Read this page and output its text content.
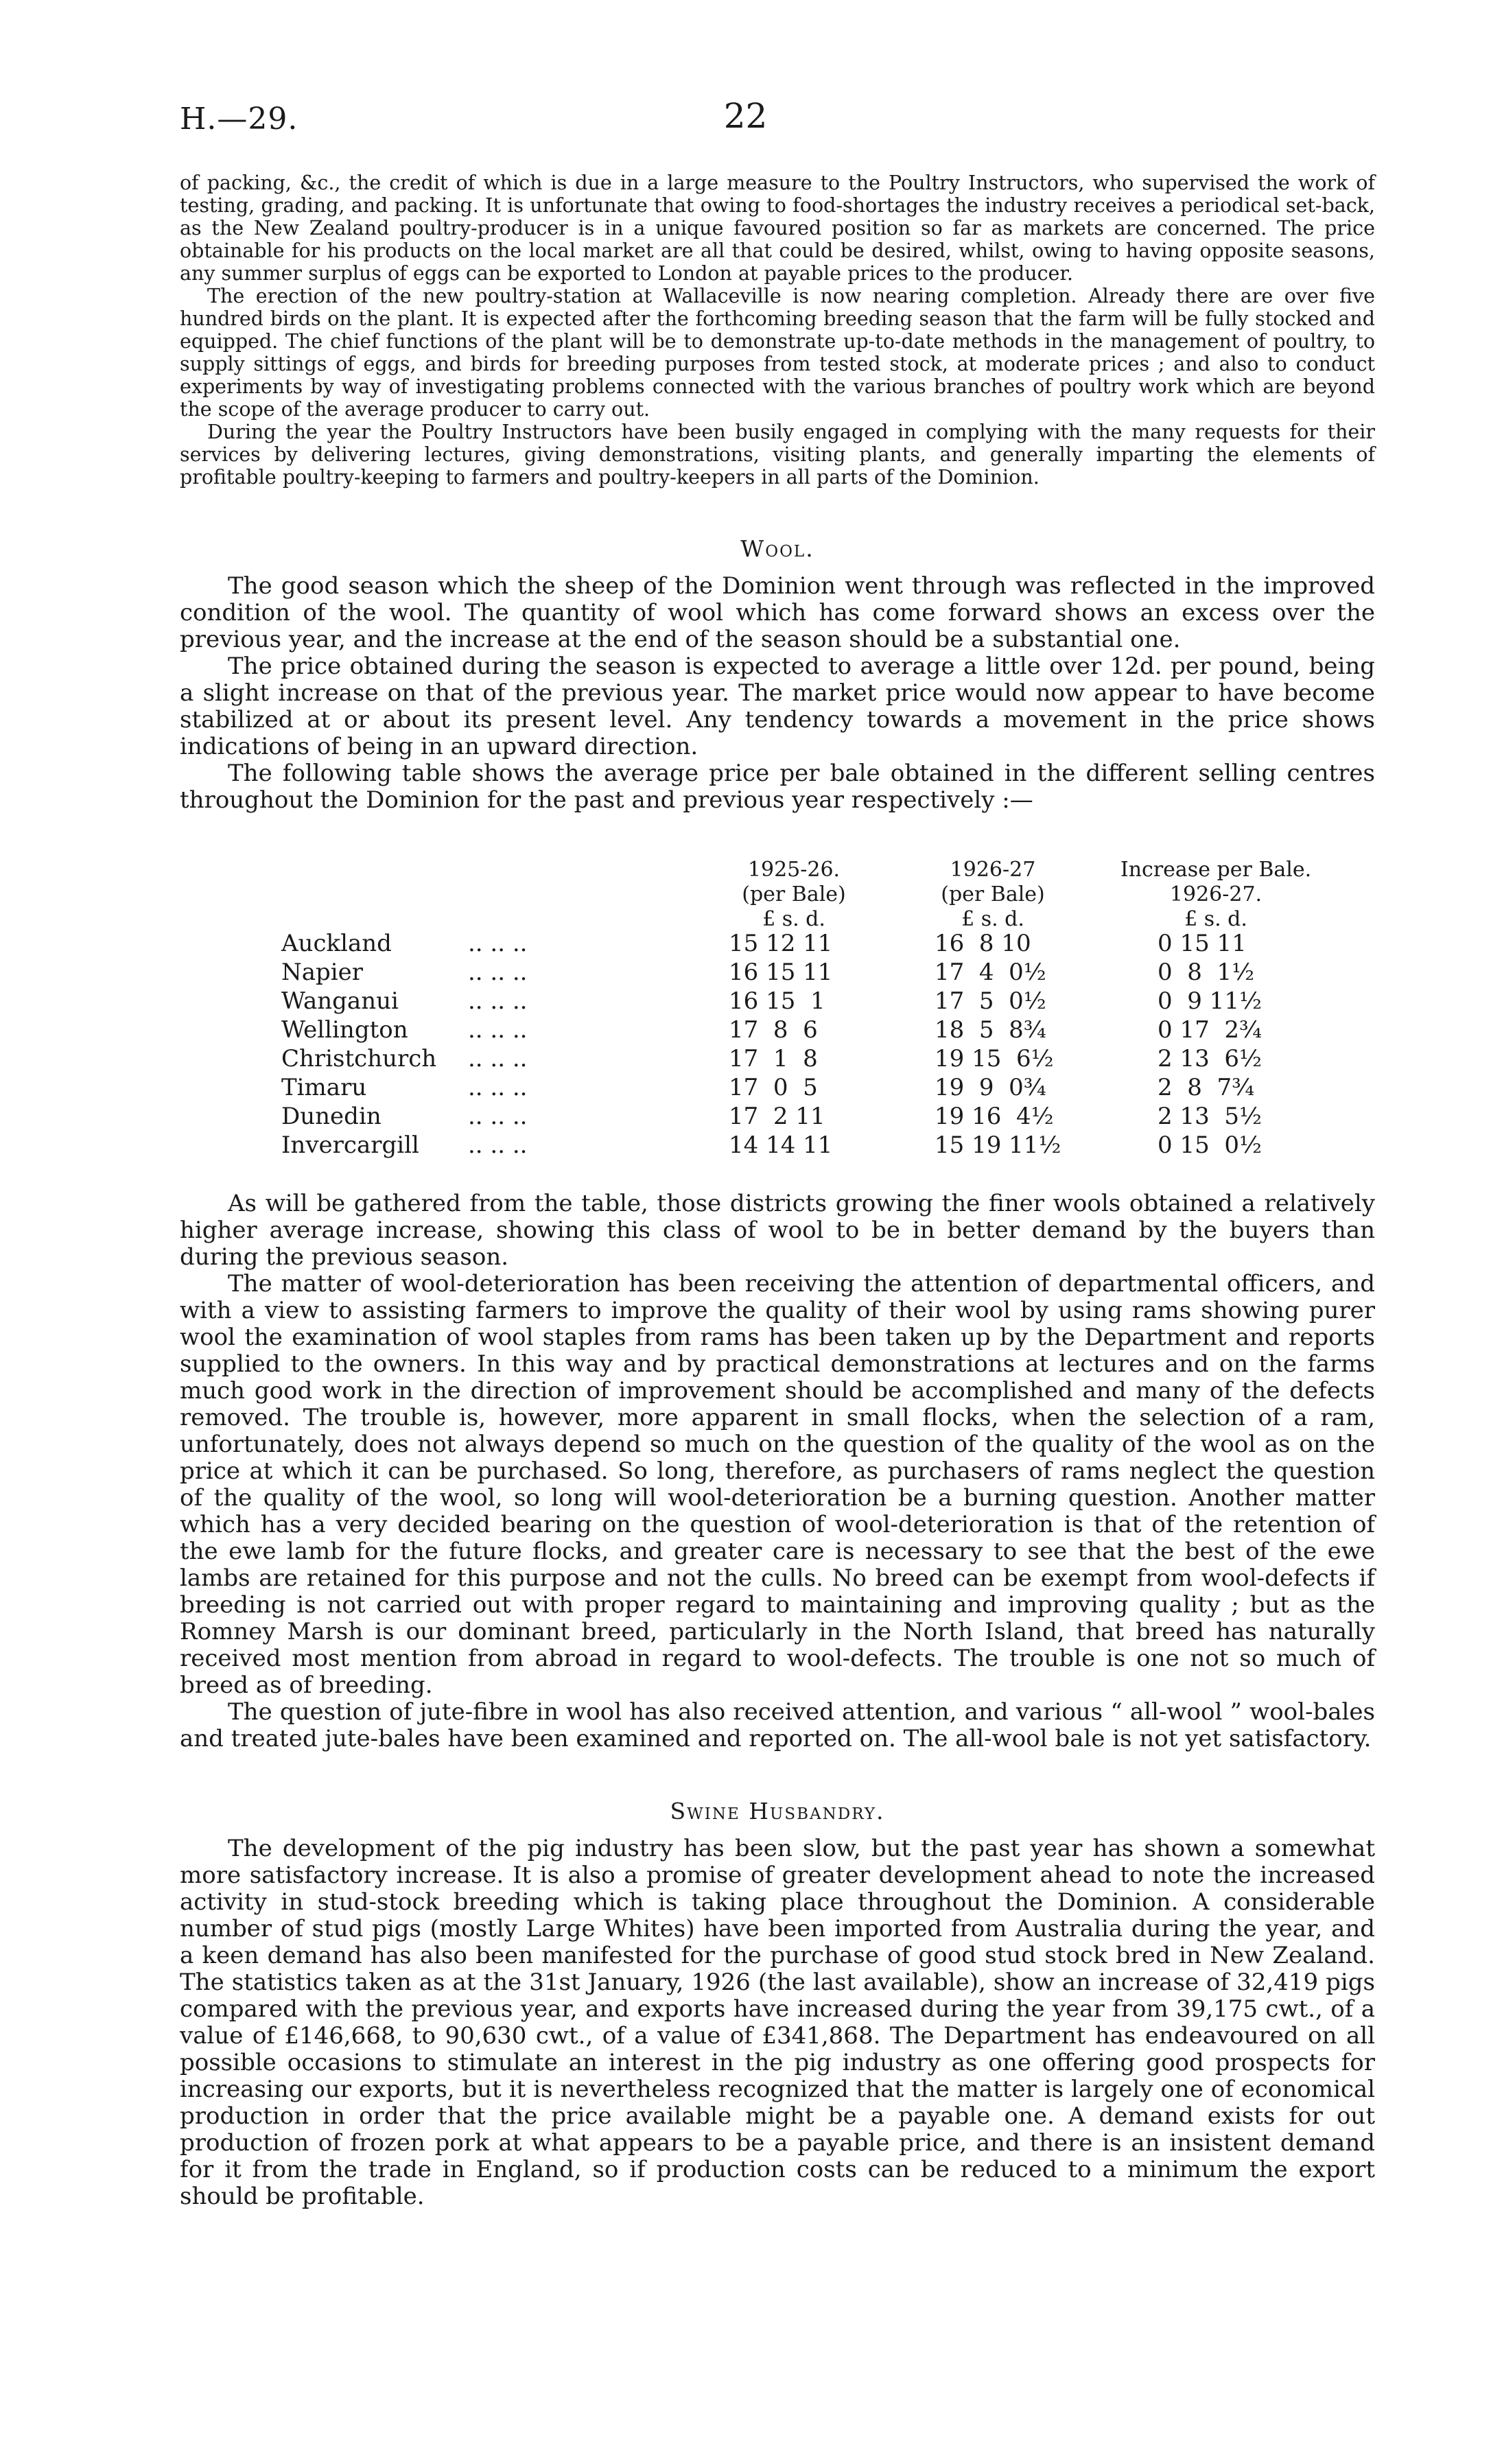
H.—29.	22

of packing, &c., the credit of which is due in a large measure to the Poultry Instructors, who supervised the work of testing, grading, and packing. It is unfortunate that owing to food-shortages the industry receives a periodical set-back, as the New Zealand poultry-producer is in a unique favoured position so far as markets are concerned. The price obtainable for his products on the local market are all that could be desired, whilst, owing to having opposite seasons, any summer surplus of eggs can be exported to London at payable prices to the producer.

The erection of the new poultry-station at Wallaceville is now nearing completion. Already there are over five hundred birds on the plant. It is expected after the forthcoming breeding season that the farm will be fully stocked and equipped. The chief functions of the plant will be to demonstrate up-to-date methods in the management of poultry, to supply sittings of eggs, and birds for breeding purposes from tested stock, at moderate prices ; and also to conduct experiments by way of investigating problems connected with the various branches of poultry work which are beyond the scope of the average producer to carry out.

During the year the Poultry Instructors have been busily engaged in complying with the many requests for their services by delivering lectures, giving demonstrations, visiting plants, and generally imparting the elements of profitable poultry-keeping to farmers and poultry-keepers in all parts of the Dominion.

Wool.

The good season which the sheep of the Dominion went through was reflected in the improved condition of the wool. The quantity of wool which has come forward shows an excess over the previous year, and the increase at the end of the season should be a substantial one.

The price obtained during the season is expected to average a little over 12d. per pound, being a slight increase on that of the previous year. The market price would now appear to have become stabilized at or about its present level. Any tendency towards a movement in the price shows indications of being in an upward direction.

The following table shows the average price per bale obtained in the different selling centres throughout the Dominion for the past and previous year respectively :—

1925-26.
(per Bale)
£ s. d.
1926-27
(per Bale)
£ s. d.
Increase per Bale.
1926-27.
£ s. d.
Auckland	.. .. ..	15 12 11	16  8 10	0 15 11
Napier	.. .. ..	16 15 11	17  4  0½	0  8  1½
Wanganui	.. .. ..	16 15  1	17  5  0½	0  9 11½
Wellington	.. .. ..	17  8  6	18  5  8¾	0 17  2¾
Christchurch .. .. ..	17  1  8	19 15  6½	2 13  6½
Timaru	.. .. ..	17  0  5	19  9  0¾	2  8  7¾
Dunedin	.. .. ..	17  2 11	19 16  4½	2 13  5½
Invercargill .. .. ..	14 14 11	15 19 11½	0 15  0½

As will be gathered from the table, those districts growing the finer wools obtained a relatively higher average increase, showing this class of wool to be in better demand by the buyers than during the previous season.

The matter of wool-deterioration has been receiving the attention of departmental officers, and with a view to assisting farmers to improve the quality of their wool by using rams showing purer wool the examination of wool staples from rams has been taken up by the Department and reports supplied to the owners. In this way and by practical demonstrations at lectures and on the farms much good work in the direction of improvement should be accomplished and many of the defects removed. The trouble is, however, more apparent in small flocks, when the selection of a ram, unfortunately, does not always depend so much on the question of the quality of the wool as on the price at which it can be purchased. So long, therefore, as purchasers of rams neglect the question of the quality of the wool, so long will wool-deterioration be a burning question. Another matter which has a very decided bearing on the question of wool-deterioration is that of the retention of the ewe lamb for the future flocks, and greater care is necessary to see that the best of the ewe lambs are retained for this purpose and not the culls. No breed can be exempt from wool-defects if breeding is not carried out with proper regard to maintaining and improving quality ; but as the Romney Marsh is our dominant breed, particularly in the North Island, that breed has naturally received most mention from abroad in regard to wool-defects. The trouble is one not so much of breed as of breeding.

The question of jute-fibre in wool has also received attention, and various “ all-wool ” wool-bales and treated jute-bales have been examined and reported on. The all-wool bale is not yet satisfactory.

Swine Husbandry.

The development of the pig industry has been slow, but the past year has shown a somewhat more satisfactory increase. It is also a promise of greater development ahead to note the increased activity in stud-stock breeding which is taking place throughout the Dominion. A considerable number of stud pigs (mostly Large Whites) have been imported from Australia during the year, and a keen demand has also been manifested for the purchase of good stud stock bred in New Zealand. The statistics taken as at the 31st January, 1926 (the last available), show an increase of 32,419 pigs compared with the previous year, and exports have increased during the year from 39,175 cwt., of a value of £146,668, to 90,630 cwt., of a value of £341,868. The Department has endeavoured on all possible occasions to stimulate an interest in the pig industry as one offering good prospects for increasing our exports, but it is nevertheless recognized that the matter is largely one of economical production in order that the price available might be a payable one. A demand exists for out production of frozen pork at what appears to be a payable price, and there is an insistent demand for it from the trade in England, so if production costs can be reduced to a minimum the export should be profitable.
